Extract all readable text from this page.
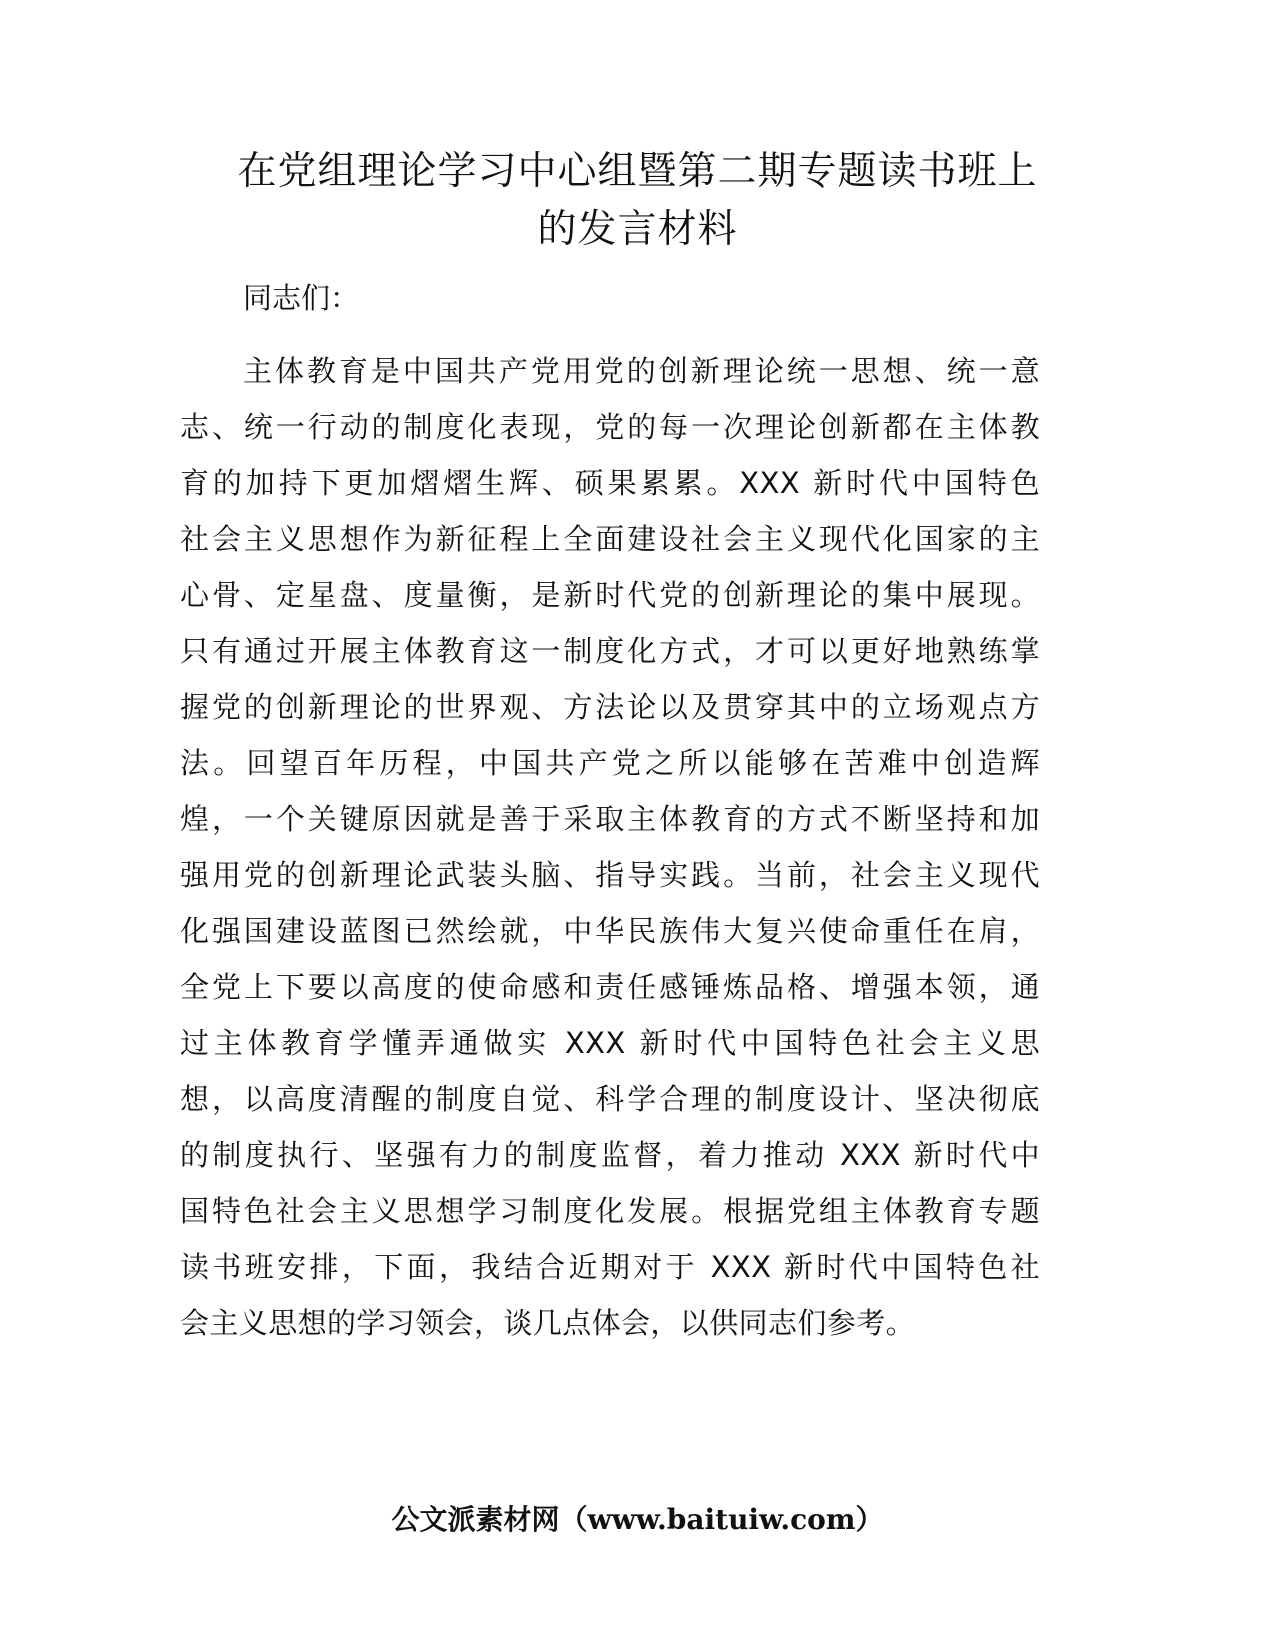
在党组理论学习中心组暨第二期专题读书班上
的发言材料

同志们：

主体教育是中国共产党用党的创新理论统一思想、统一意
志、统一行动的制度化表现，党的每一次理论创新都在主体教
育的加持下更加熠熠生辉、硕果累累。XXX 新时代中国特色
社会主义思想作为新征程上全面建设社会主义现代化国家的主
心骨、定星盘、度量衡，是新时代党的创新理论的集中展现。
只有通过开展主体教育这一制度化方式，才可以更好地熟练掌
握党的创新理论的世界观、方法论以及贯穿其中的立场观点方
法。回望百年历程，中国共产党之所以能够在苦难中创造辉
煌，一个关键原因就是善于采取主体教育的方式不断坚持和加
强用党的创新理论武装头脑、指导实践。当前，社会主义现代
化强国建设蓝图已然绘就，中华民族伟大复兴使命重任在肩，
全党上下要以高度的使命感和责任感锤炼品格、增强本领，通
过主体教育学懂弄通做实 XXX 新时代中国特色社会主义思
想，以高度清醒的制度自觉、科学合理的制度设计、坚决彻底
的制度执行、坚强有力的制度监督，着力推动 XXX 新时代中
国特色社会主义思想学习制度化发展。根据党组主体教育专题
读书班安排，下面，我结合近期对于 XXX 新时代中国特色社
会主义思想的学习领会，谈几点体会，以供同志们参考。
公文派素材网（www.baituiw.com）
